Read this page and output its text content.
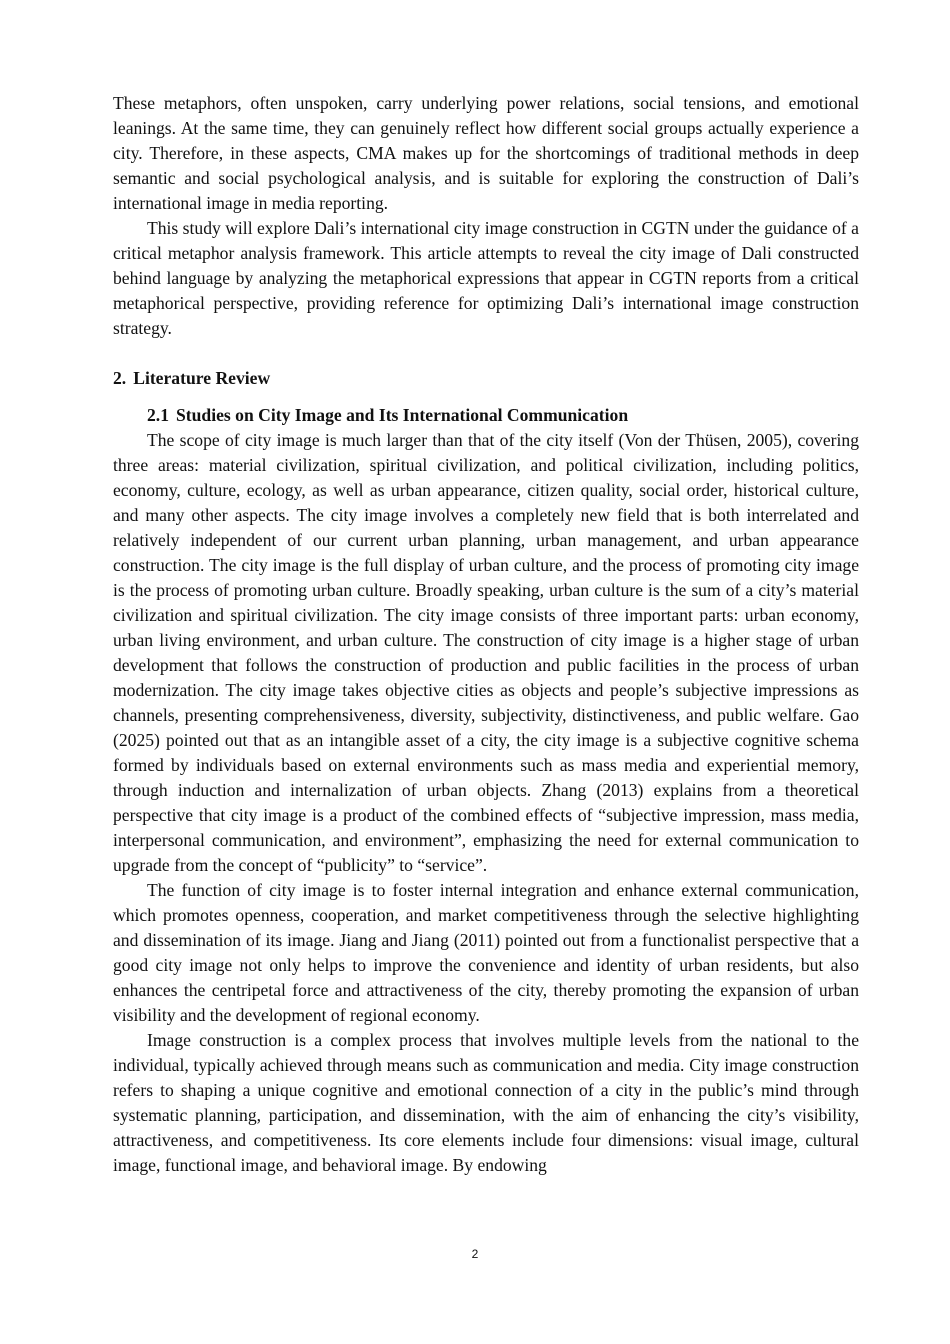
These metaphors, often unspoken, carry underlying power relations, social tensions, and emotional leanings. At the same time, they can genuinely reflect how different social groups actually experience a city. Therefore, in these aspects, CMA makes up for the shortcomings of traditional methods in deep semantic and social psychological analysis, and is suitable for exploring the construction of Dali’s international image in media reporting.

This study will explore Dali’s international city image construction in CGTN under the guidance of a critical metaphor analysis framework. This article attempts to reveal the city image of Dali constructed behind language by analyzing the metaphorical expressions that appear in CGTN reports from a critical metaphorical perspective, providing reference for optimizing Dali’s international image construction strategy.

2. Literature Review

2.1 Studies on City Image and Its International Communication

The scope of city image is much larger than that of the city itself (Von der Thüsen, 2005), covering three areas: material civilization, spiritual civilization, and political civilization, including politics, economy, culture, ecology, as well as urban appearance, citizen quality, social order, historical culture, and many other aspects. The city image involves a completely new field that is both interrelated and relatively independent of our current urban planning, urban management, and urban appearance construction. The city image is the full display of urban culture, and the process of promoting city image is the process of promoting urban culture. Broadly speaking, urban culture is the sum of a city’s material civilization and spiritual civilization. The city image consists of three important parts: urban economy, urban living environment, and urban culture. The construction of city image is a higher stage of urban development that follows the construction of production and public facilities in the process of urban modernization. The city image takes objective cities as objects and people’s subjective impressions as channels, presenting comprehensiveness, diversity, subjectivity, distinctiveness, and public welfare. Gao (2025) pointed out that as an intangible asset of a city, the city image is a subjective cognitive schema formed by individuals based on external environments such as mass media and experiential memory, through induction and internalization of urban objects. Zhang (2013) explains from a theoretical perspective that city image is a product of the combined effects of “subjective impression, mass media, interpersonal communication, and environment”, emphasizing the need for external communication to upgrade from the concept of “publicity” to “service”.

The function of city image is to foster internal integration and enhance external communication, which promotes openness, cooperation, and market competitiveness through the selective highlighting and dissemination of its image. Jiang and Jiang (2011) pointed out from a functionalist perspective that a good city image not only helps to improve the convenience and identity of urban residents, but also enhances the centripetal force and attractiveness of the city, thereby promoting the expansion of urban visibility and the development of regional economy.

Image construction is a complex process that involves multiple levels from the national to the individual, typically achieved through means such as communication and media. City image construction refers to shaping a unique cognitive and emotional connection of a city in the public’s mind through systematic planning, participation, and dissemination, with the aim of enhancing the city’s visibility, attractiveness, and competitiveness. Its core elements include four dimensions: visual image, cultural image, functional image, and behavioral image. By endowing

2
